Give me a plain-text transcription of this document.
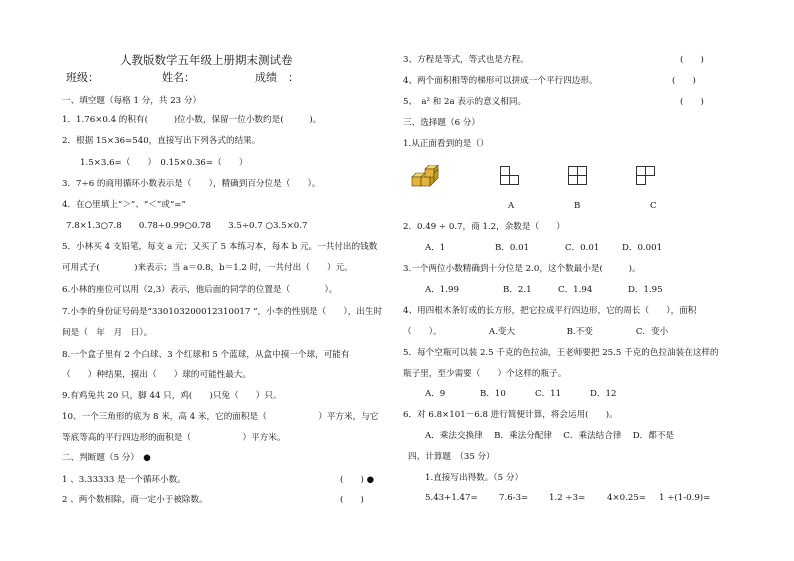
人教版数学五年级上册期末测试卷
班级：	姓名：	成绩　：
一、填空题（每格 1 分，共 23 分）
1．1.76×0.4 的积有(　　　)位小数，保留一位小数约是(　　　)。
2．根据 15×36=540，直接写出下列各式的结果。
1.5×3.6=（　　）　0.15×0.36=（　　）
3．7÷6 的商用循环小数表示是（　　），精确到百分位是（　　）。
4．在○里填上“＞”、“＜”或“=”
7.8×1.3○7.8　　0.78÷0.99○0.78　　3.5÷0.7 ○3.5×0.7
5．小林买 4 支铅笔，每支 a 元；又买了 5 本练习本，每本 b 元。一共付出的钱数
可用式子(　　　　)来表示；当 a＝0.8，b＝1.2 时，一共付出（　　）元。
6.小林的座位可以用（2,3）表示，他后面的同学的位置是（　　　　）。
7.小李的身份证号码是“330103200012310017 ”，小李的性别是（　　），出生时
间是（　年　月　日）。
8.一个盒子里有 2 个白球、3 个红球和 5 个蓝球，从盒中摸一个球，可能有
（　　）种结果，摸出（　　）球的可能性最大。
9.有鸡兔共 20 只，脚 44 只，鸡(　　)只兔（　　）只。
10、一个三角形的底为 8 米，高 4 米，它的面积是（　　　　　　）平方米，与它
等底等高的平行四边形的面积是（　　　　　　）平方米。
二、判断题（5 分）　●
1 、3.33333 是一个循环小数。	(　　) ●
2 、两个数相除，商一定小于被除数。	(　　)
3、方程是等式，等式也是方程。	(　　)
4、两个面积相等的梯形可以拼成一个平行四边形。	(　　)
5、　a² 和 2a 表示的意义相同。	(　　)
三、选择题（6 分）
1.从正面看到的是（）
A	B	C
2．0.49 ÷ 0.7，商 1.2，余数是（　　）
A．1	B．0.01	C．0.01	D．0.001
3.一个两位小数精确到十分位是 2.0，这个数最小是(　　　)。
A．1.99	B．2.1	C．1.94	D．1.95
4、用四根木条钉成的长方形，把它拉成平行四边形，它的周长（　　），面积
（　　）。　　　　　　A.变大　　　　　　B.不变　　　　　C．变小
5．每个空瓶可以装 2.5 千克的色拉油，王老师要把 25.5 千克的色拉油装在这样的
瓶子里，至少需要（　　）个这样的瓶子。
A．9	B．10	C．11	D．12
6．对 6.8×101－6.8 进行简便计算，将会运用(　　)。
A．乘法交换律　 B．乘法分配律　 C．乘法结合律　 D．都不是
四、计算题　（35 分）
1.直接写出得数。（5 分）
5.43+1.47= 7.6-3= 1.2 ÷3=	4×0.25= 1 ÷(1-0.9)=
